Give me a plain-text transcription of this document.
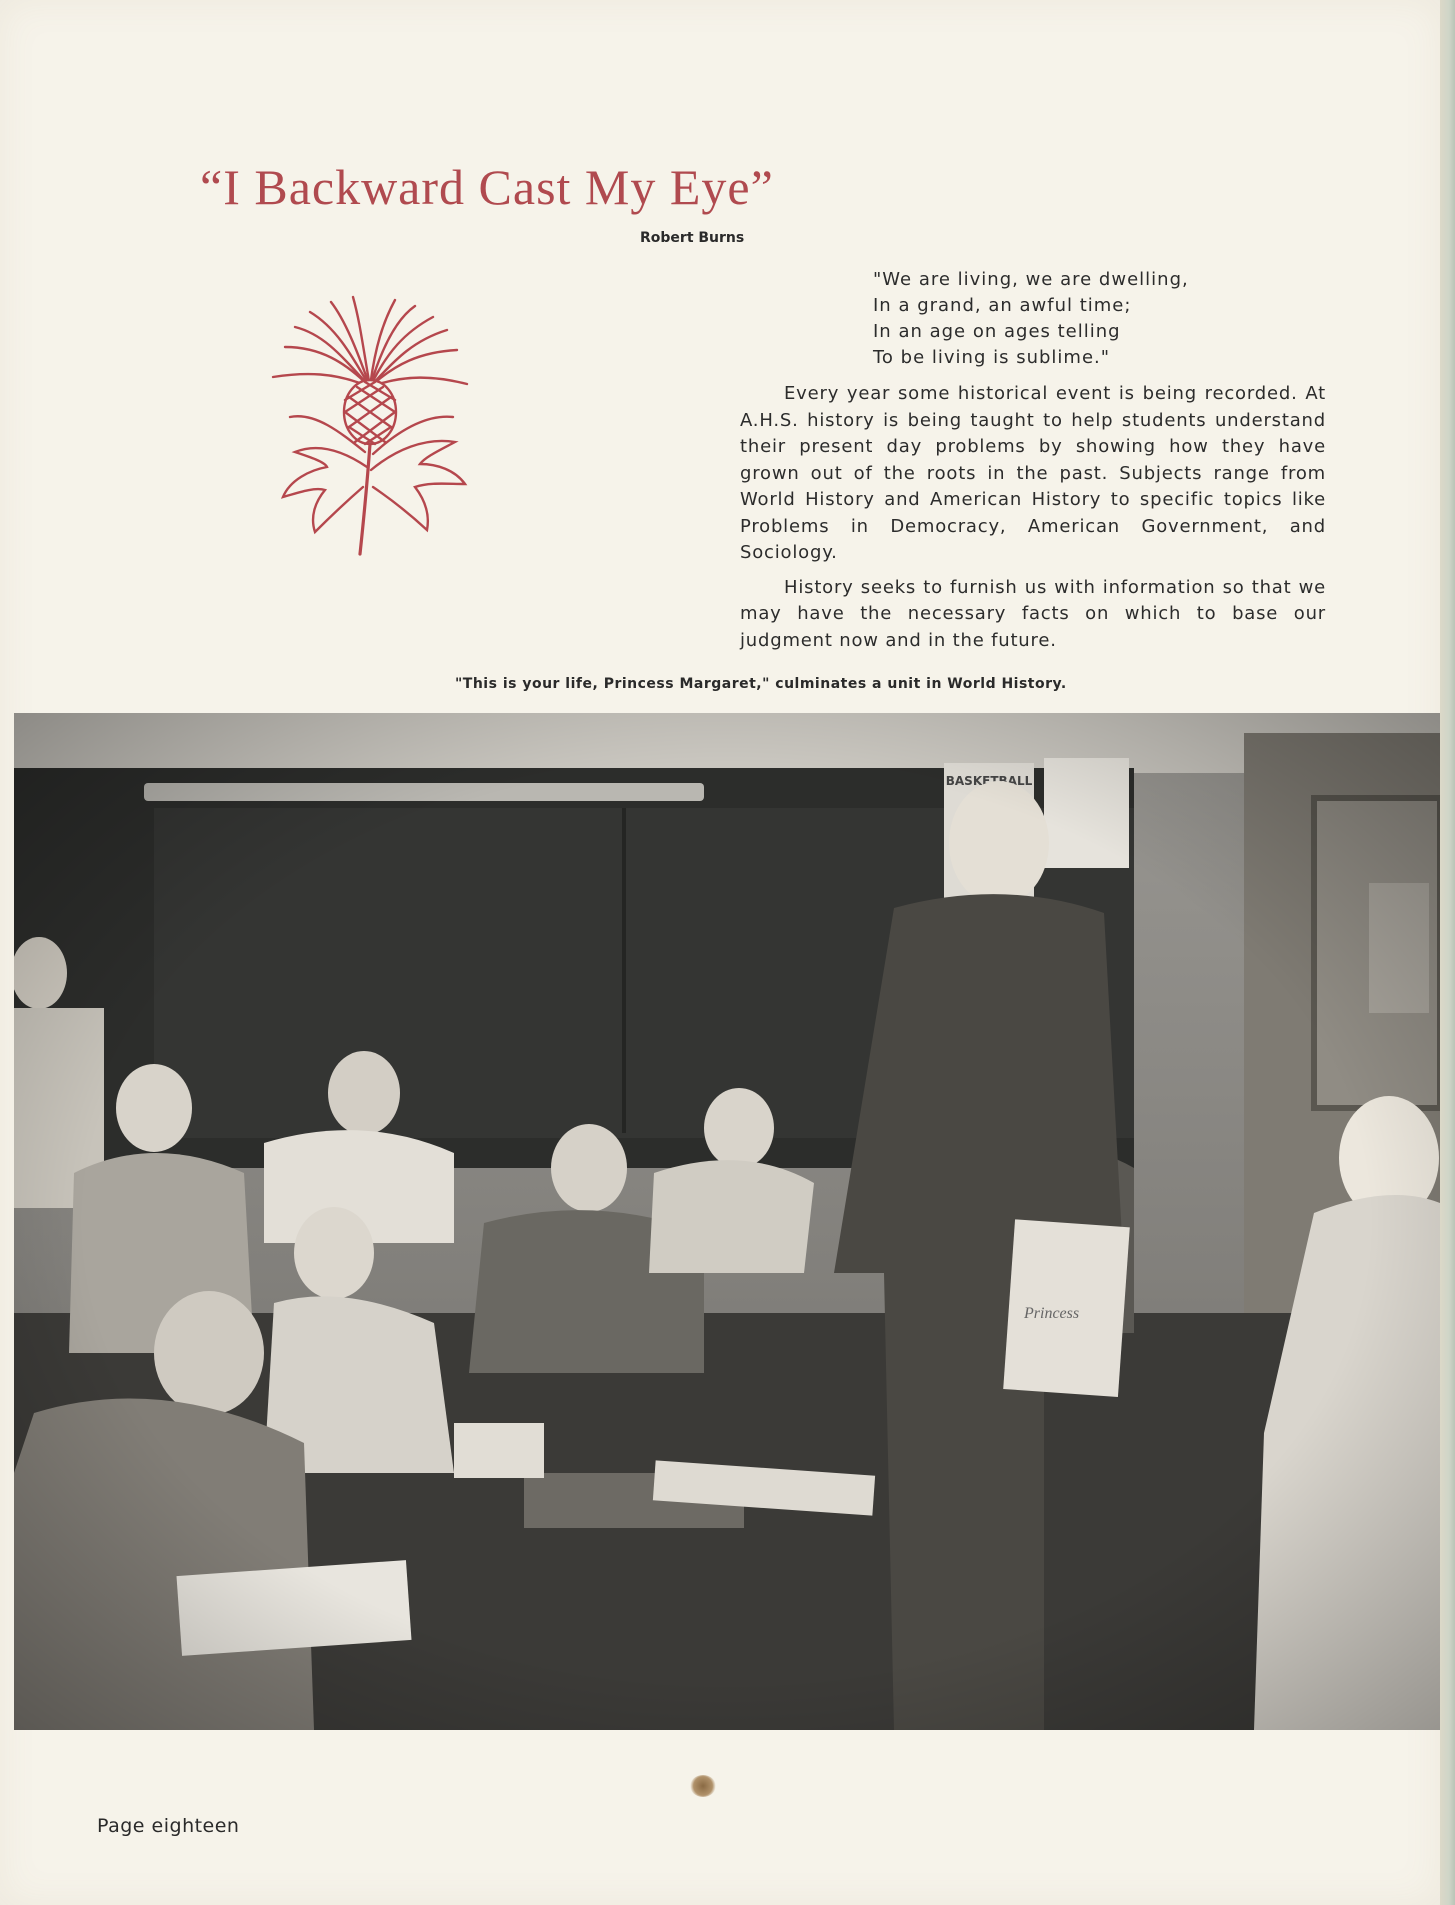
“I Backward Cast My Eye”
Robert Burns
"We are living, we are dwelling,
In a grand, an awful time;
In an age on ages telling
To be living is sublime."

Every year some historical event is being recorded. At A.H.S. history is being taught to help students understand their present day problems by showing how they have grown out of the roots in the past. Subjects range from World History and American History to specific topics like Problems in Democracy, American Government, and Sociology.

History seeks to furnish us with information so that we may have the necessary facts on which to base our judgment now and in the future.

"This is your life, Princess Margaret," culminates a unit in World History.
Page eighteen
